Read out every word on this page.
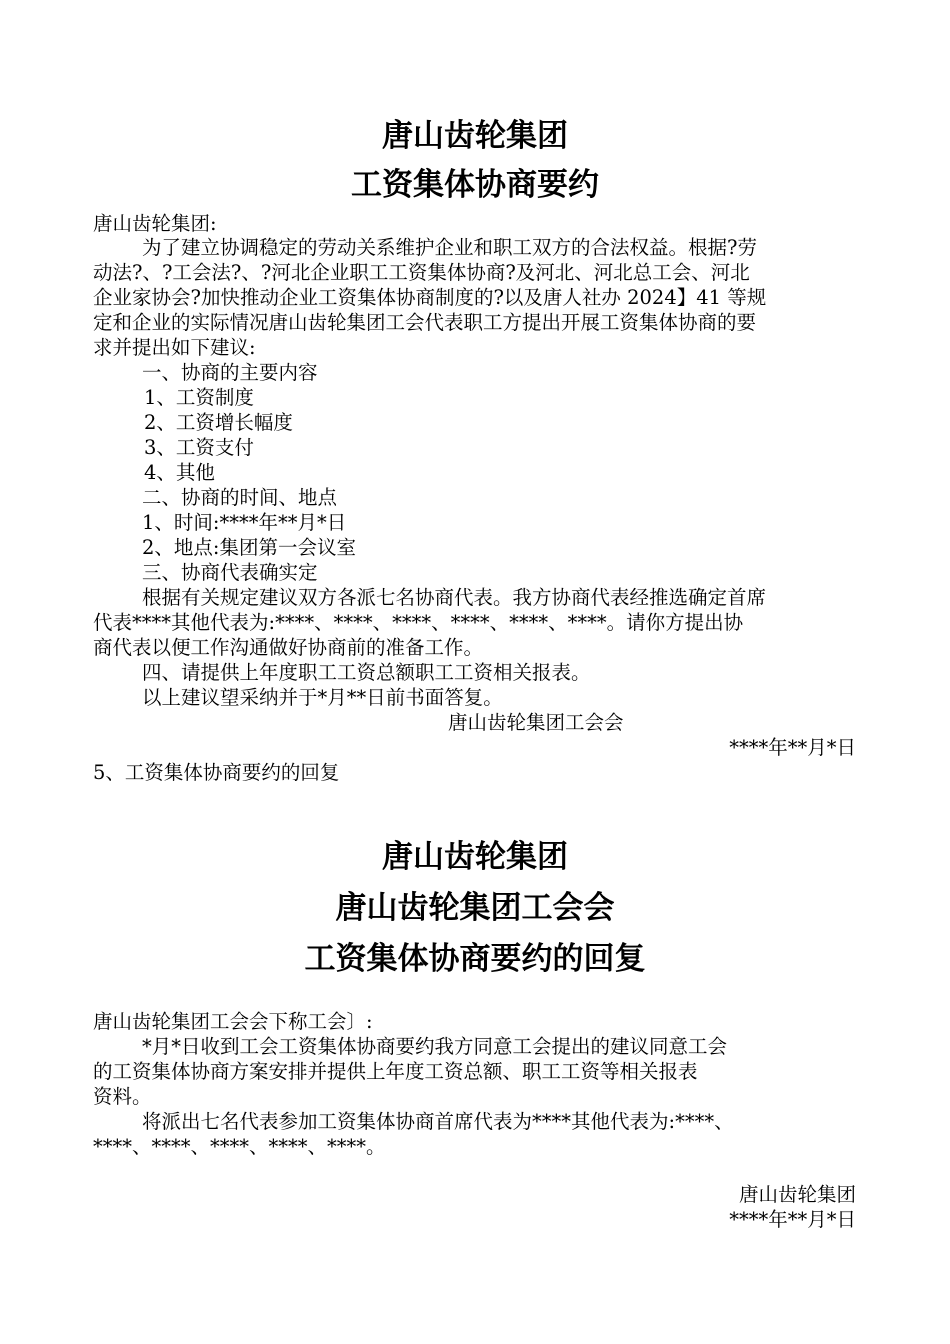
唐山齿轮集团
工资集体协商要约

唐山齿轮集团:

为了建立协调稳定的劳动关系维护企业和职工双方的合法权益。根据?劳

动法?、?工会法?、?河北企业职工工资集体协商?及河北、河北总工会、河北

企业家协会?加快推动企业工资集体协商制度的?以及唐人社办 2024】41 等规

定和企业的实际情况唐山齿轮集团工会代表职工方提出开展工资集体协商的要

求并提出如下建议:

一、协商的主要内容

1、工资制度

2、工资增长幅度

3、工资支付

4、其他

二、协商的时间、地点

1、时间:****年**月*日

2、地点:集团第一会议室

三、协商代表确实定

根据有关规定建议双方各派七名协商代表。我方协商代表经推选确定首席

代表****其他代表为:****、****、****、****、****、****。请你方提出协

商代表以便工作沟通做好协商前的准备工作。

四、请提供上年度职工工资总额职工工资相关报表。

以上建议望采纳并于*月**日前书面答复。

唐山齿轮集团工会会

****年**月*日

5、工资集体协商要约的回复

唐山齿轮集团
唐山齿轮集团工会会
工资集体协商要约的回复

唐山齿轮集团工会会下称工会〕:

*月*日收到工会工资集体协商要约我方同意工会提出的建议同意工会

的工资集体协商方案安排并提供上年度工资总额、职工工资等相关报表

资料。

将派出七名代表参加工资集体协商首席代表为****其他代表为:****、

****、****、****、****、****。

唐山齿轮集团

****年**月*日
